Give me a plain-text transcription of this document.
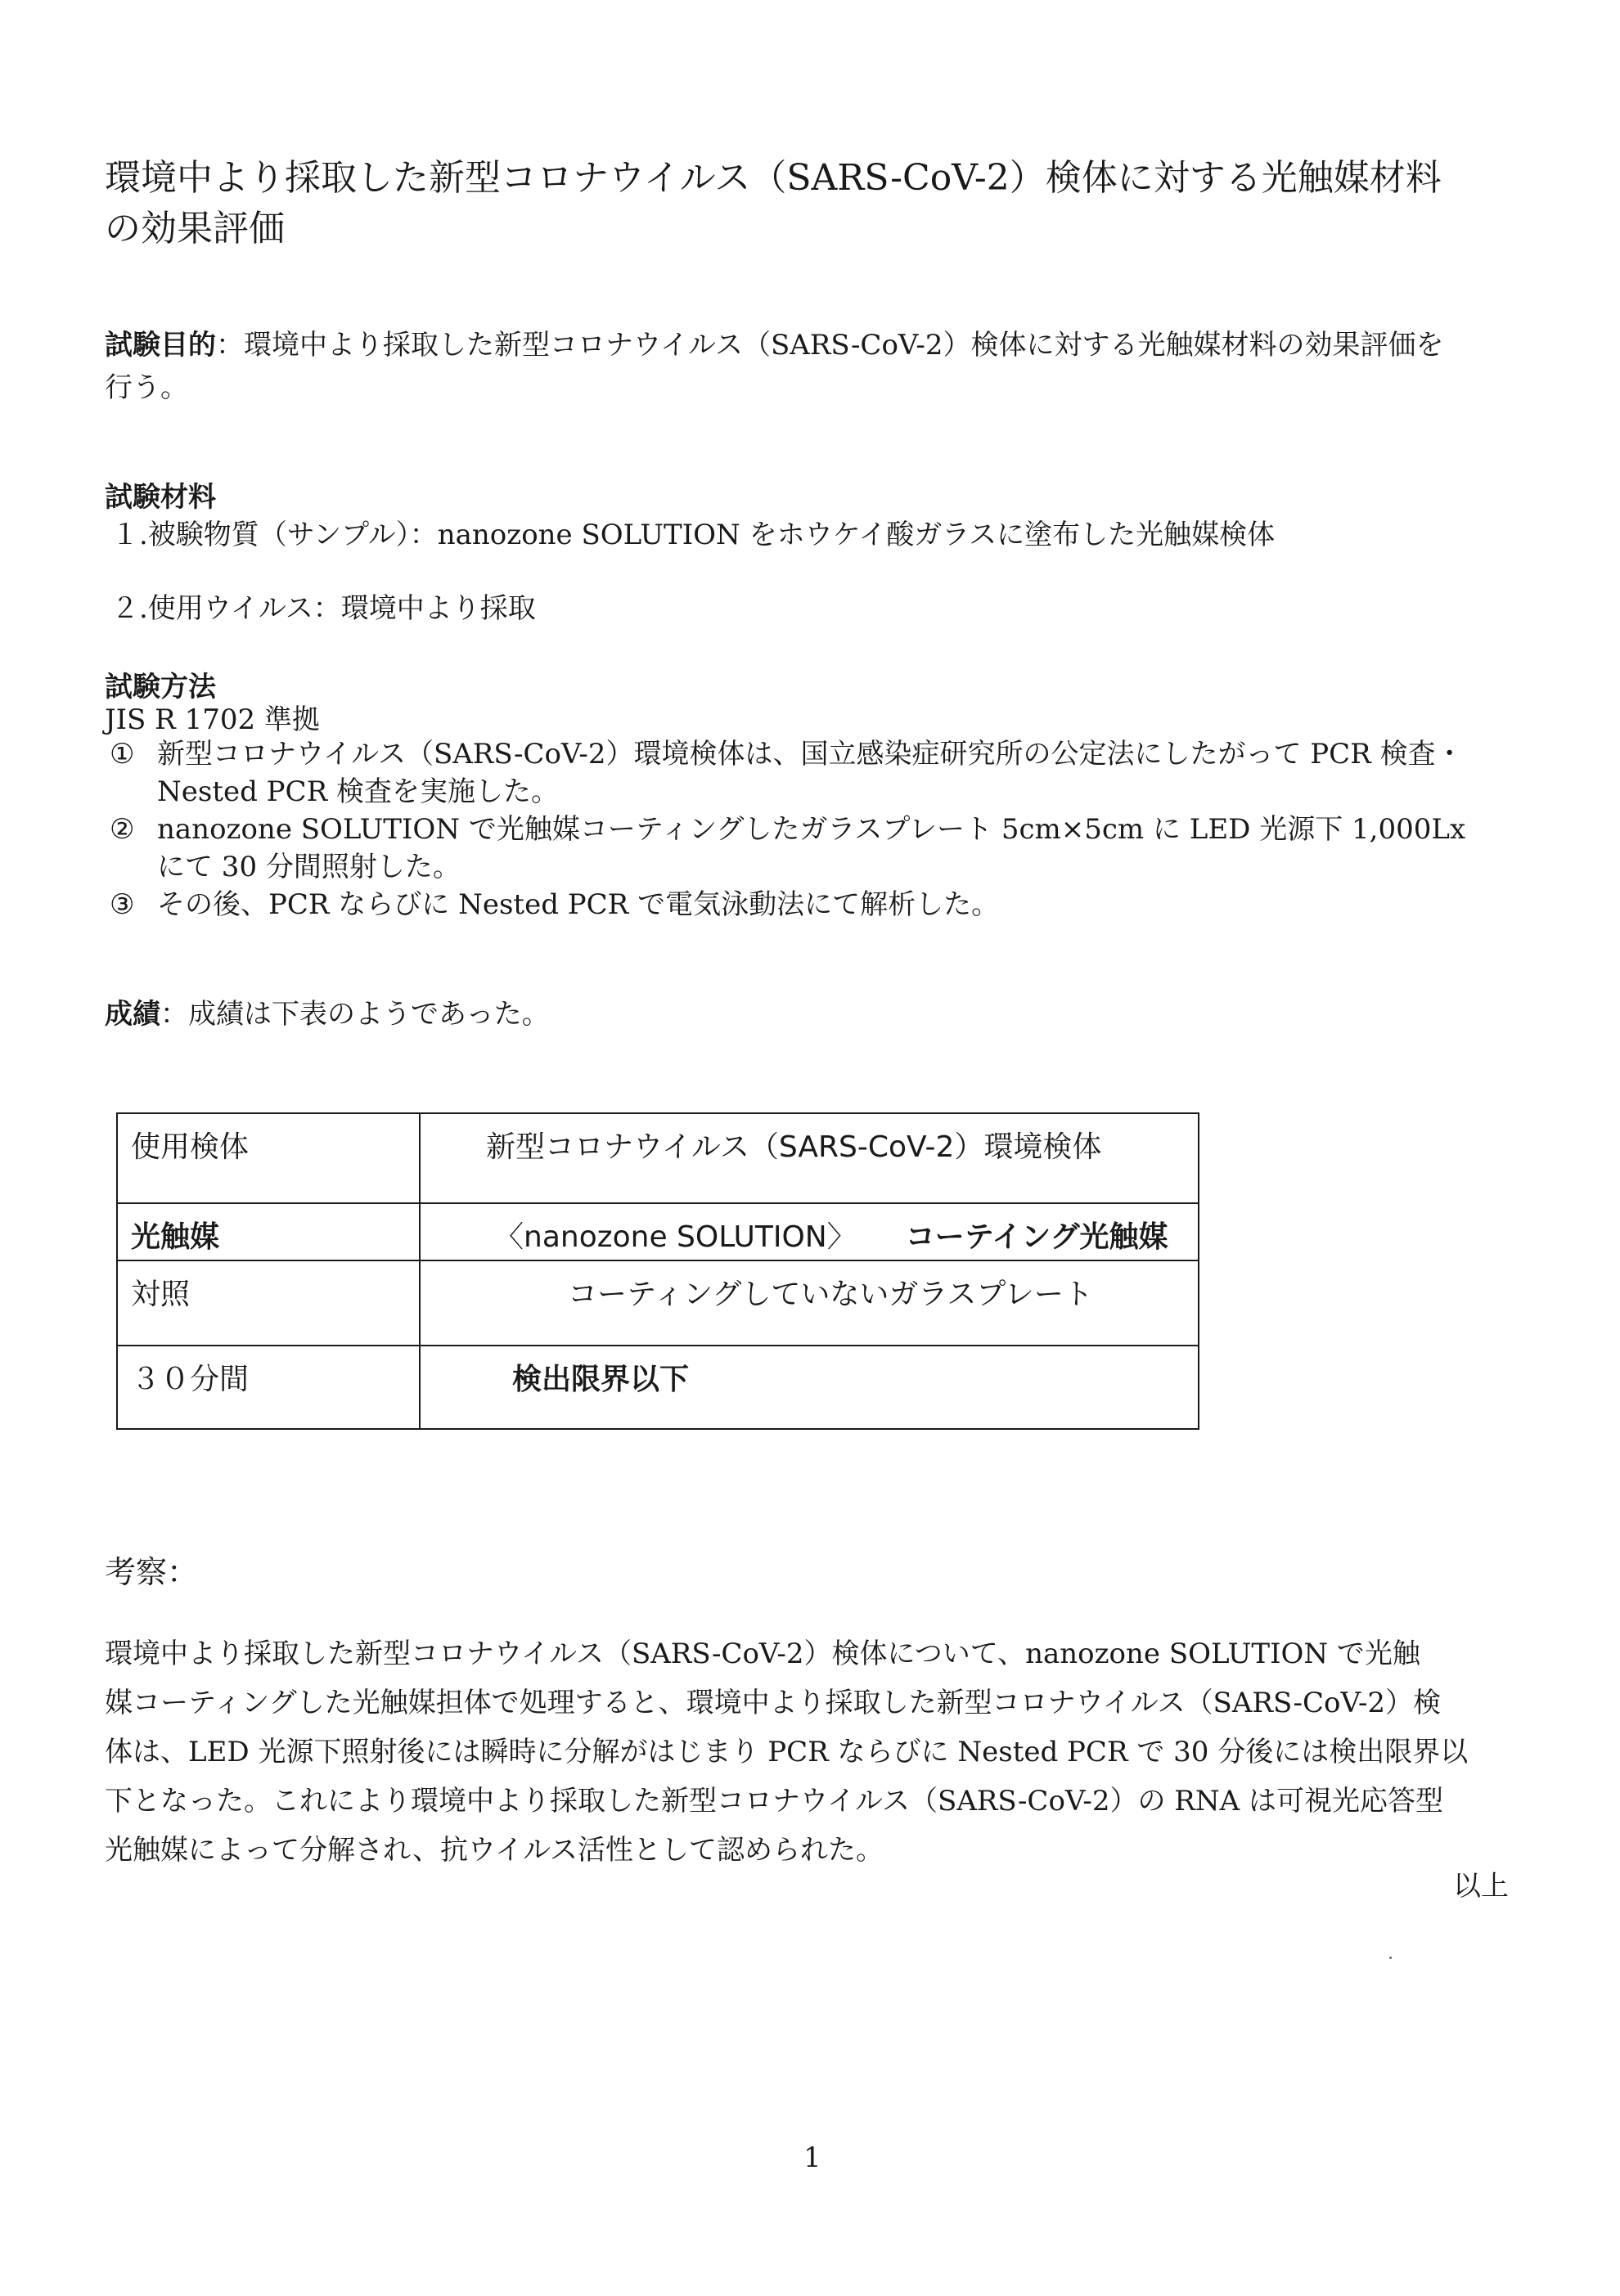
環境中より採取した新型コロナウイルス（SARS-CoV-2）検体に対する光触媒材料
の効果評価
試験目的：環境中より採取した新型コロナウイルス（SARS-CoV-2）検体に対する光触媒材料の効果評価を
行う。
試験材料
１.被験物質（サンプル）：nanozone SOLUTION をホウケイ酸ガラスに塗布した光触媒検体
２.使用ウイルス：環境中より採取
試験方法
JIS R 1702 準拠
① 新型コロナウイルス（SARS-CoV-2）環境検体は、国立感染症研究所の公定法にしたがって PCR 検査・
Nested PCR 検査を実施した。
② nanozone SOLUTION で光触媒コーティングしたガラスプレート 5cm×5cm に LED 光源下 1,000Lx
にて 30 分間照射した。
③ その後、PCR ならびに Nested PCR で電気泳動法にて解析した。
成績：成績は下表のようであった。
使用検体	新型コロナウイルス（SARS-CoV-2）環境検体
光触媒	〈nanozone SOLUTION〉 コーテイング光触媒
対照	コーティングしていないガラスプレート
３０分間	検出限界以下
考察：
環境中より採取した新型コロナウイルス（SARS-CoV-2）検体について、nanozone SOLUTION で光触
媒コーティングした光触媒担体で処理すると、環境中より採取した新型コロナウイルス（SARS-CoV-2）検
体は、LED 光源下照射後には瞬時に分解がはじまり PCR ならびに Nested PCR で 30 分後には検出限界以
下となった。これにより環境中より採取した新型コロナウイルス（SARS-CoV-2）の RNA は可視光応答型
光触媒によって分解され、抗ウイルス活性として認められた。
以上
1
